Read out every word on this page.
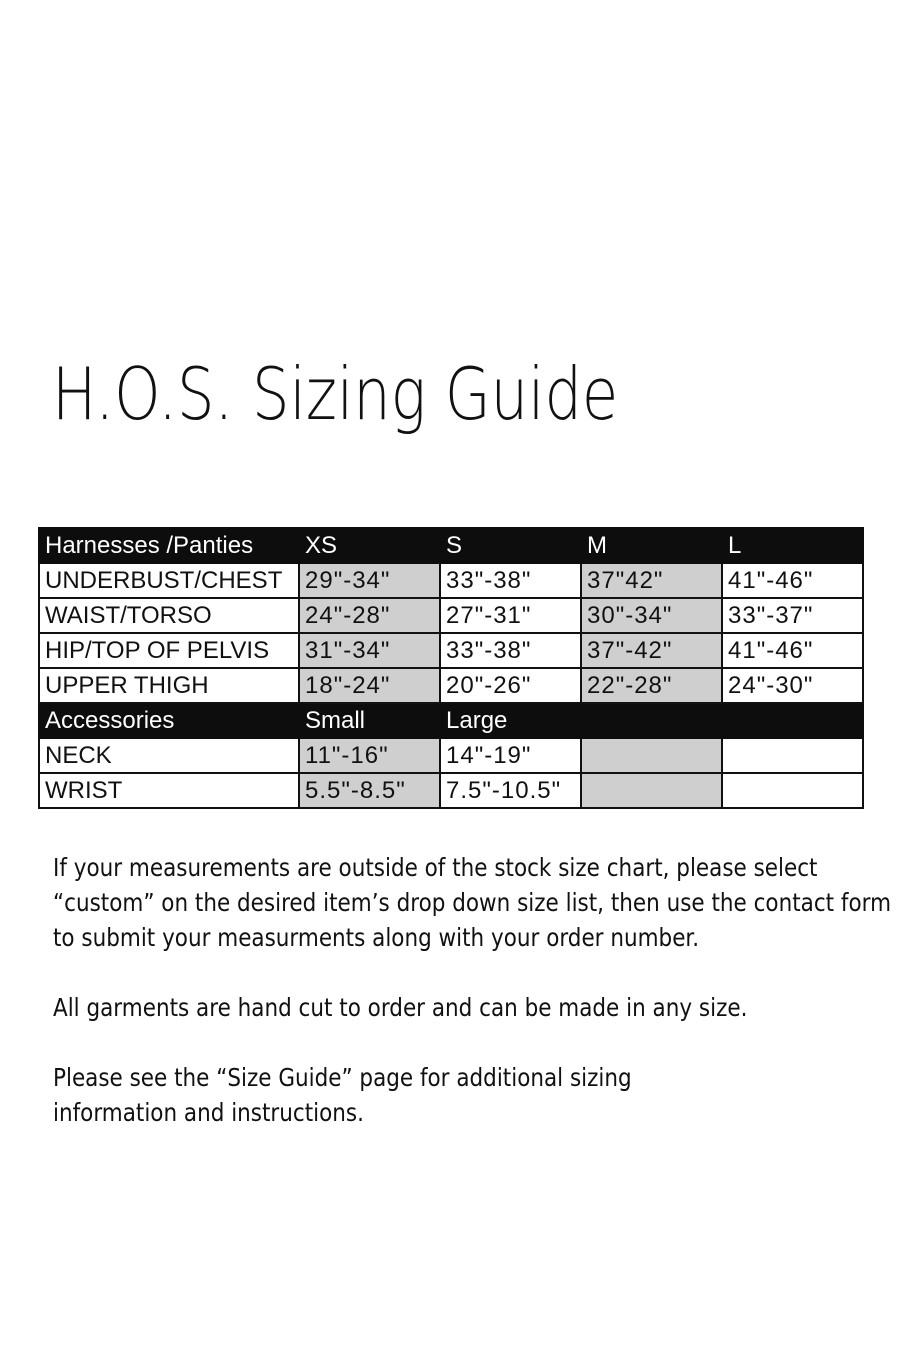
H.O.S. Sizing Guide
Harnesses /Panties	XS	S	M	L
UNDERBUST/CHEST	29"-34"	33"-38"	37"42"	41"-46"
WAIST/TORSO	24"-28"	27"-31"	30"-34"	33"-37"
HIP/TOP OF PELVIS	31"-34"	33"-38"	37"-42"	41"-46"
UPPER THIGH	18"-24"	20"-26"	22"-28"	24"-30"
Accessories	Small	Large		
NECK	11"-16"	14"-19"		
WRIST	5.5"-8.5"	7.5"-10.5"		

If your measurements are outside of the stock size chart, please select

“custom” on the desired item’s drop down size list, then use the contact form

to submit your measurments along with your order number.

All garments are hand cut to order and can be made in any size.

Please see the “Size Guide” page for additional sizing

information and instructions.
